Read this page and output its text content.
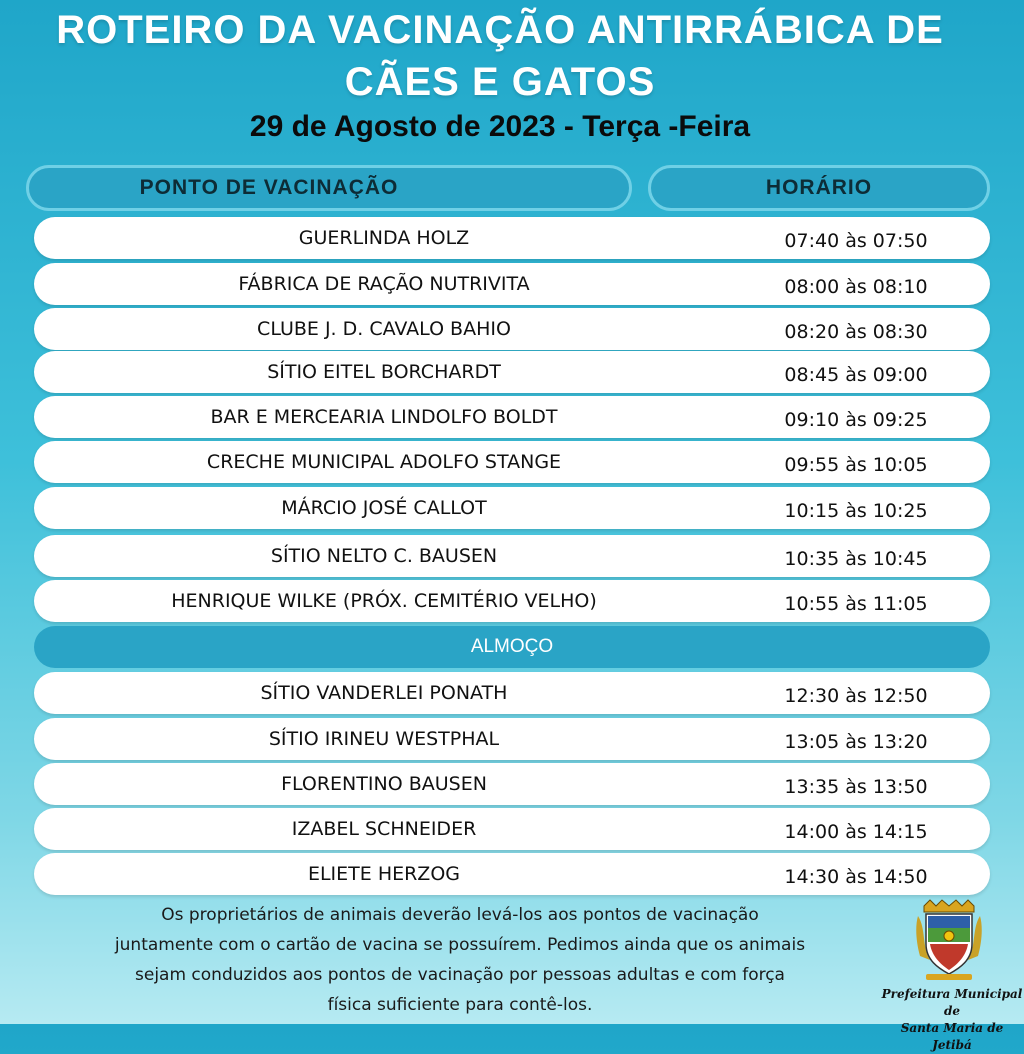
ROTEIRO DA VACINAÇÃO ANTIRRÁBICA DE
CÃES E GATOS
29 de Agosto de 2023 - Terça -Feira
PONTO DE VACINAÇÃO	HORÁRIO
GUERLINDA HOLZ	07:40 às 07:50
FÁBRICA DE RAÇÃO NUTRIVITA	08:00 às 08:10
CLUBE J. D. CAVALO BAHIO	08:20 às 08:30
SÍTIO EITEL BORCHARDT	08:45 às 09:00
BAR E MERCEARIA LINDOLFO BOLDT	09:10 às 09:25
CRECHE MUNICIPAL ADOLFO STANGE	09:55 às 10:05
MÁRCIO JOSÉ CALLOT	10:15 às 10:25
SÍTIO NELTO C. BAUSEN	10:35 às 10:45
HENRIQUE WILKE (PRÓX. CEMITÉRIO VELHO)	10:55 às 11:05
ALMOÇO
SÍTIO VANDERLEI PONATH	12:30 às 12:50
SÍTIO IRINEU WESTPHAL	13:05 às 13:20
FLORENTINO BAUSEN	13:35 às 13:50
IZABEL SCHNEIDER	14:00 às 14:15
ELIETE HERZOG	14:30 às 14:50
Os proprietários de animais deverão levá-los aos pontos de vacinação
juntamente com o cartão de vacina se possuírem. Pedimos ainda que os animais
sejam conduzidos aos pontos de vacinação por pessoas adultas e com força
física suficiente para contê-los.
Prefeitura Municipal de
Santa Maria de Jetibá
